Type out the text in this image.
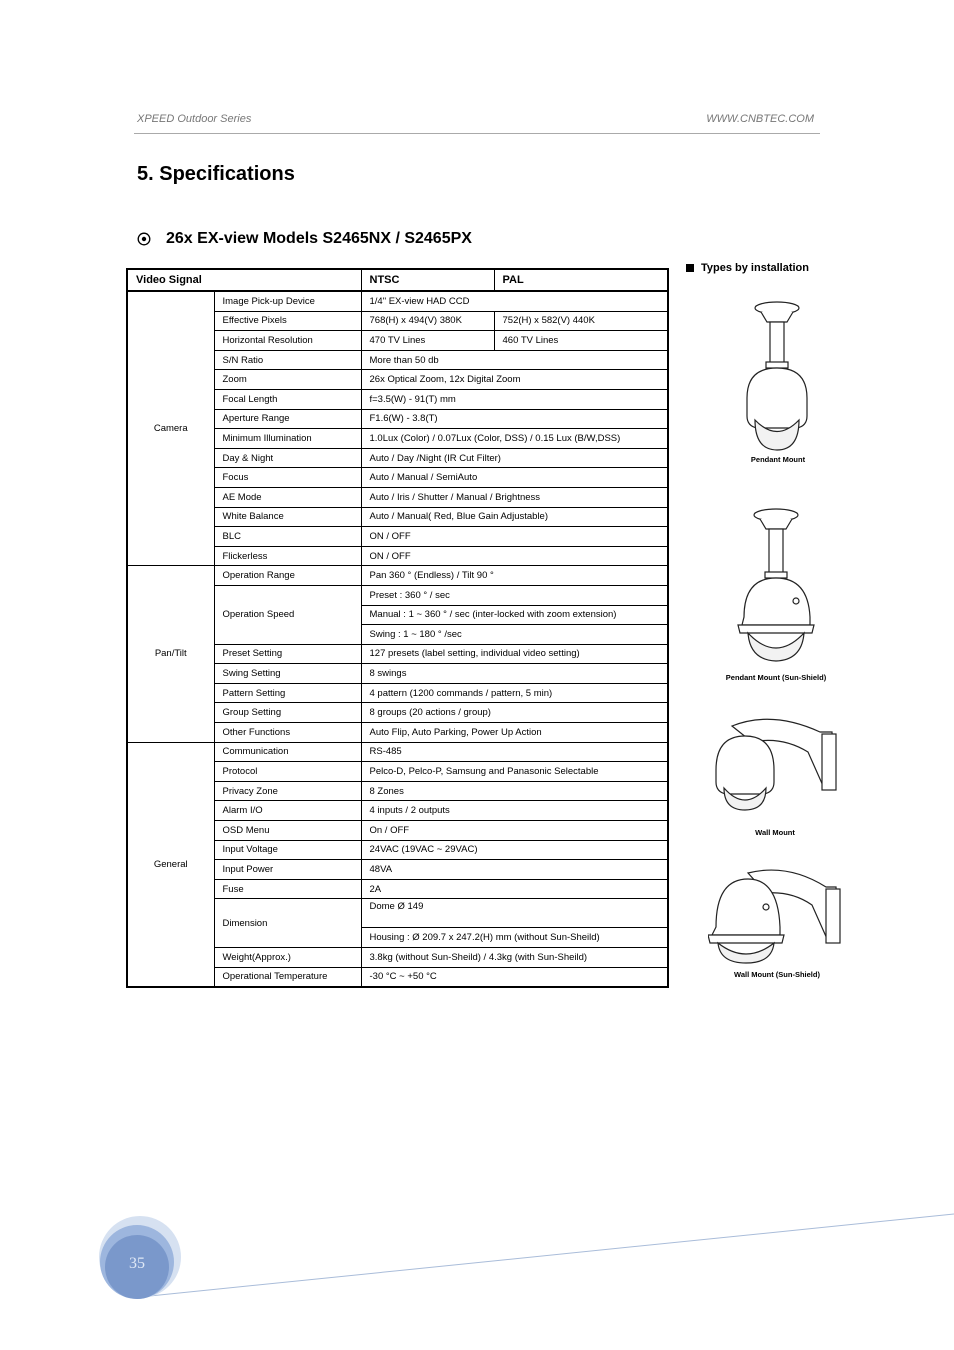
XPEED Outdoor Series	WWW.CNBTEC.COM
5. Specifications
26x EX-view Models S2465NX / S2465PX
Video Signal		NTSC	PAL
Camera	Image Pick-up Device	1/4" EX-view HAD CCD	
	Effective Pixels	768(H) x 494(V) 380K	752(H) x 582(V) 440K
	Horizontal Resolution	470 TV Lines	460 TV Lines
	S/N Ratio	More than 50 db	
	Zoom	26x Optical Zoom, 12x Digital Zoom	
	Focal Length	f=3.5(W) - 91(T) mm	
	Aperture Range	F1.6(W) - 3.8(T)	
	Minimum Illumination	1.0Lux (Color) / 0.07Lux (Color, DSS) / 0.15 Lux (B/W,DSS)	
	Day & Night	Auto / Day /Night (IR Cut Filter)	
	Focus	Auto / Manual / SemiAuto	
	AE Mode	Auto / Iris / Shutter / Manual / Brightness	
	White Balance	Auto / Manual( Red, Blue Gain Adjustable)	
	BLC	ON / OFF	
	Flickerless	ON / OFF	
Pan/Tilt	Operation Range	Pan 360 ° (Endless) / Tilt 90 °	
	Operation Speed	Preset : 360 ° / sec	
		Manual : 1 ~ 360 ° / sec (inter-locked with zoom extension)	
		Swing : 1 ~ 180 ° /sec	
	Preset Setting	127 presets (label setting, individual video setting)	
	Swing Setting	8 swings	
	Pattern Setting	4 pattern (1200 commands / pattern, 5 min)	
	Group Setting	8 groups (20 actions / group)	
	Other Functions	Auto Flip, Auto Parking, Power Up Action	
General	Communication	RS-485	
	Protocol	Pelco-D, Pelco-P, Samsung and Panasonic Selectable	
	Privacy Zone	8 Zones	
	Alarm I/O	4 inputs / 2 outputs	
	OSD Menu	On / OFF	
	Input Voltage	24VAC (19VAC ~ 29VAC)	
	Input Power	48VA	
	Fuse	2A	
	Dimension	Dome Ø 149	
		Housing : Ø 209.7 x 247.2(H) mm (without Sun-Sheild)	
	Weight(Approx.)	3.8kg (without Sun-Sheild) / 4.3kg (with Sun-Sheild)	
	Operational Temperature	-30 °C ~ +50 °C	
Types by installation
Pendant Mount
Pendant Mount (Sun-Shield)
Wall Mount
Wall Mount (Sun-Shield)
35
